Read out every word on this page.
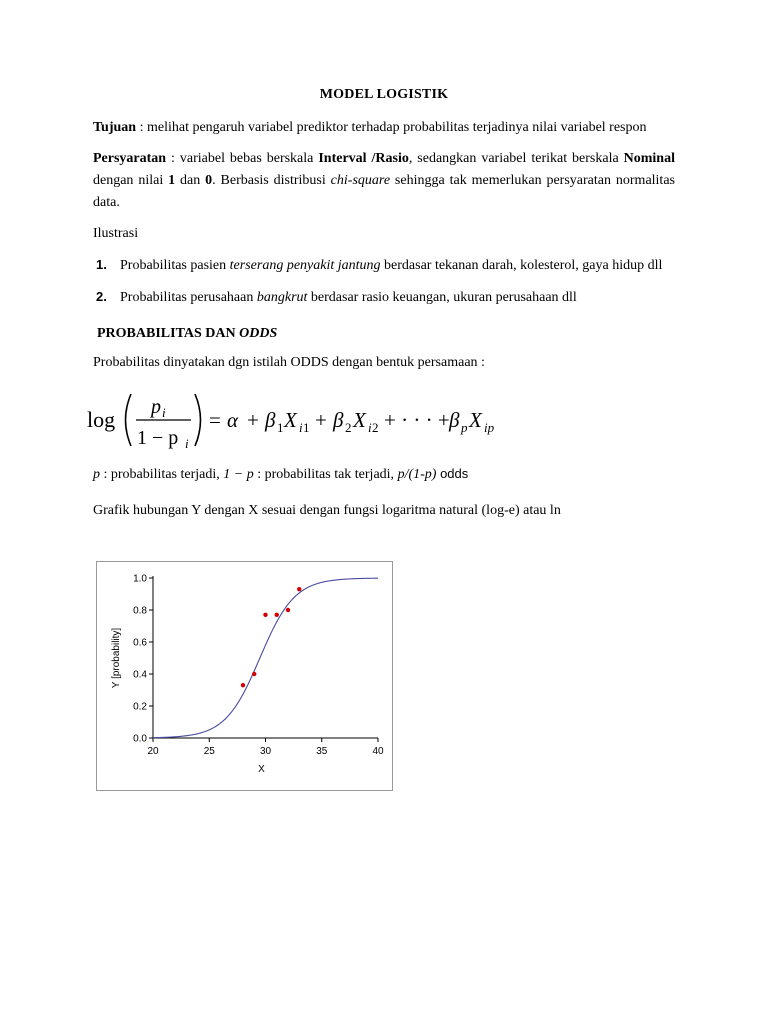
MODEL LOGISTIK

Tujuan : melihat pengaruh variabel prediktor terhadap probabilitas terjadinya nilai variabel respon

Persyaratan : variabel bebas berskala Interval /Rasio, sedangkan variabel terikat berskala Nominal dengan nilai 1 dan 0. Berbasis distribusi chi-square sehingga tak memerlukan persyaratan normalitas data.

Ilustrasi

1. Probabilitas pasien terserang penyakit jantung berdasar tekanan darah, kolesterol, gaya hidup dll
2. Probabilitas perusahaan bangkrut berdasar rasio keuangan, ukuran perusahaan dll
PROBABILITAS DAN ODDS

Probabilitas dinyatakan dgn istilah ODDS dengan bentuk persamaan :

log p i
1 − p i
= α + β 1 X i 1 + β 2 X i 2 + · · · + β p X ip

p : probabilitas terjadi, 1 − p : probabilitas tak terjadi, p/(1-p) odds

Grafik hubungan Y dengan X sesuai dengan fungsi logaritma natural (log-e) atau ln

0.0
0.2
0.4
0.6
0.8
1.0
20	25	30	35	40
X
Y [probability]
